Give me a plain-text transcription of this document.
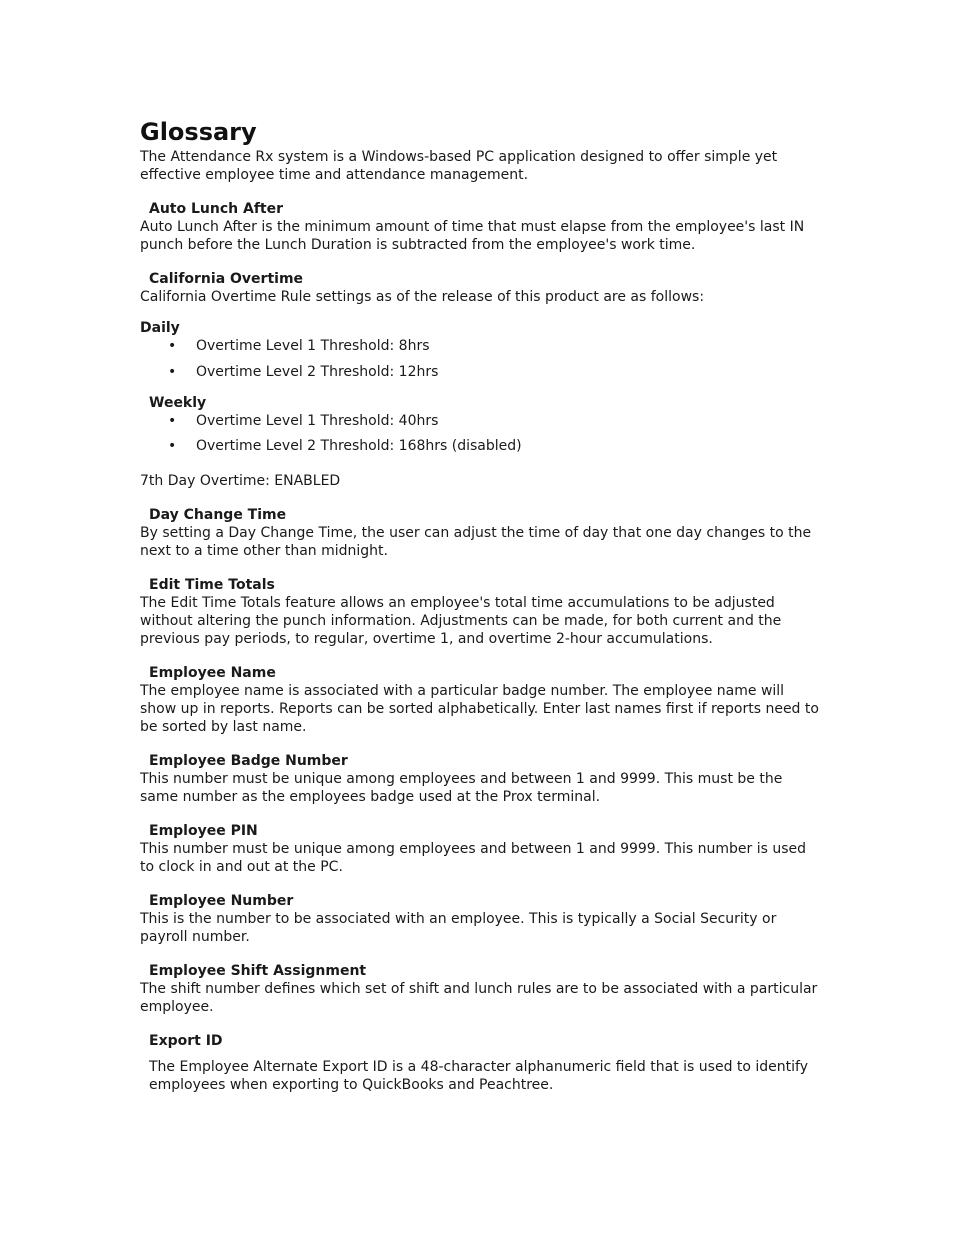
Glossary

The Attendance Rx system is a Windows-based PC application designed to offer simple yet effective employee time and attendance management.

Auto Lunch After

Auto Lunch After is the minimum amount of time that must elapse from the employee's last IN punch before the Lunch Duration is subtracted from the employee's work time.

California Overtime

California Overtime Rule settings as of the release of this product are as follows:

Daily

• Overtime Level 1 Threshold: 8hrs
• Overtime Level 2 Threshold: 12hrs

Weekly

• Overtime Level 1 Threshold: 40hrs
• Overtime Level 2 Threshold: 168hrs (disabled)

7th Day Overtime: ENABLED

Day Change Time

By setting a Day Change Time, the user can adjust the time of day that one day changes to the next to a time other than midnight.

Edit Time Totals

The Edit Time Totals feature allows an employee's total time accumulations to be adjusted without altering the punch information. Adjustments can be made, for both current and the previous pay periods, to regular, overtime 1, and overtime 2-hour accumulations.

Employee Name

The employee name is associated with a particular badge number. The employee name will show up in reports. Reports can be sorted alphabetically. Enter last names first if reports need to be sorted by last name.

Employee Badge Number

This number must be unique among employees and between 1 and 9999. This must be the same number as the employees badge used at the Prox terminal.

Employee PIN

This number must be unique among employees and between 1 and 9999. This number is used to clock in and out at the PC.

Employee Number

This is the number to be associated with an employee. This is typically a Social Security or payroll number.

Employee Shift Assignment

The shift number defines which set of shift and lunch rules are to be associated with a particular employee.

Export ID

The Employee Alternate Export ID is a 48-character alphanumeric field that is used to identify employees when exporting to QuickBooks and Peachtree.
